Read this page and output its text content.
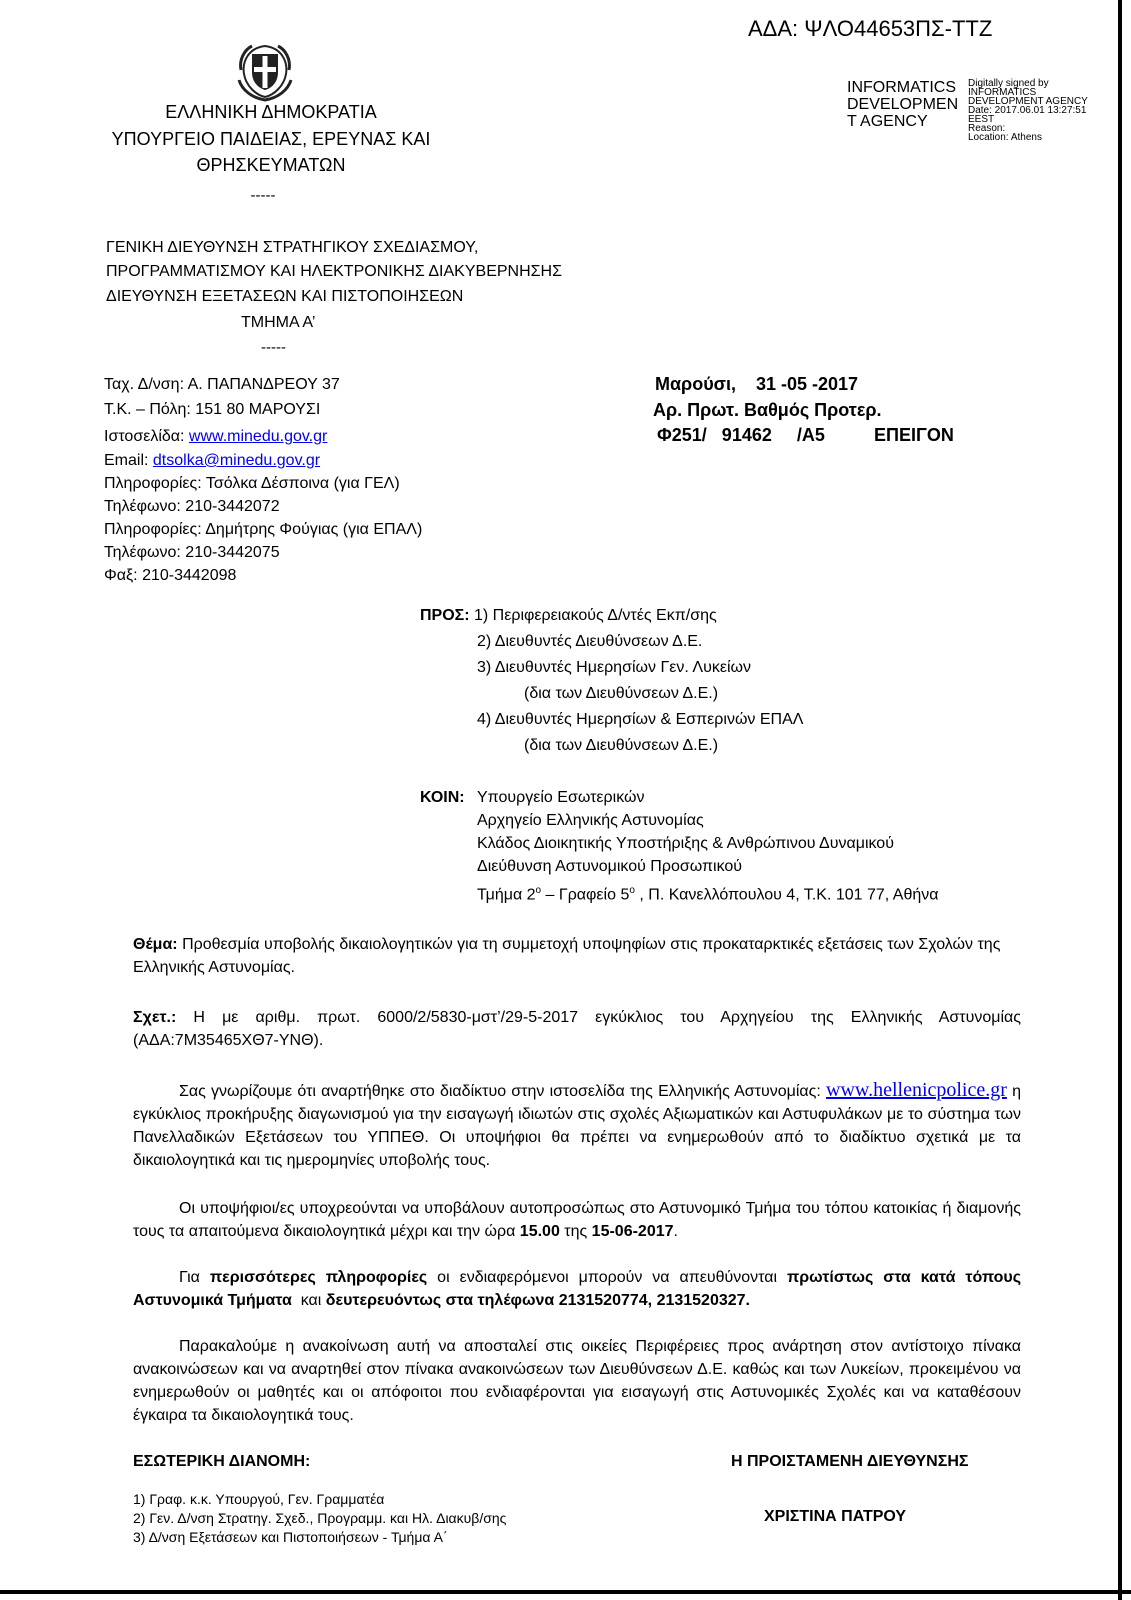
ΑΔΑ: ΨΛΟ44653ΠΣ-ΤΤΖ
ΕΛΛΗΝΙΚΗ ΔΗΜΟΚΡΑΤΙΑ
ΥΠΟΥΡΓΕΙΟ ΠΑΙΔΕΙΑΣ, ΕΡΕΥΝΑΣ ΚΑΙ
ΘΡΗΣΚΕΥΜΑΤΩΝ
-----
ΓΕΝΙΚΗ ΔΙΕΥΘΥΝΣΗ ΣΤΡΑΤΗΓΙΚΟΥ ΣΧΕΔΙΑΣΜΟΥ,
ΠΡΟΓΡΑΜΜΑΤΙΣΜΟΥ ΚΑΙ ΗΛΕΚΤΡΟΝΙΚΗΣ ΔΙΑΚΥΒΕΡΝΗΣΗΣ
ΔΙΕΥΘΥΝΣΗ ΕΞΕΤΑΣΕΩΝ ΚΑΙ ΠΙΣΤΟΠΟΙΗΣΕΩΝ
ΤΜΗΜΑ Α’
-----
INFORMATICS
DEVELOPMEN
T AGENCY
Digitally signed by
INFORMATICS
DEVELOPMENT AGENCY
Date: 2017.06.01 13:27:51
EEST
Reason:
Location: Athens
Ταχ. Δ/νση: Α. ΠΑΠΑΝΔΡΕΟΥ 37
Τ.Κ. – Πόλη: 151 80 ΜΑΡΟΥΣΙ
Ιστοσελίδα: www.minedu.gov.gr
Email: dtsolka@minedu.gov.gr
Πληροφορίες: Τσόλκα Δέσποινα (για ΓΕΛ)
Τηλέφωνο: 210-3442072
Πληροφορίες: Δημήτρης Φούγιας (για ΕΠΑΛ)
Τηλέφωνο: 210-3442075
Φαξ: 210-3442098
Μαρούσι,    31 -05 -2017
Αρ. Πρωτ. Βαθμός Προτερ.
Φ251/   91462     /Α5	ΕΠΕΙΓΟΝ
ΠΡΟΣ: 1) Περιφερειακούς Δ/ντές Εκπ/σης
2) Διευθυντές Διευθύνσεων Δ.Ε.
3) Διευθυντές Ημερησίων Γεν. Λυκείων
(δια των Διευθύνσεων Δ.Ε.)
4) Διευθυντές Ημερησίων & Εσπερινών ΕΠΑΛ
(δια των Διευθύνσεων Δ.Ε.)
ΚΟΙΝ: Υπουργείο Εσωτερικών
Αρχηγείο Ελληνικής Αστυνομίας
Κλάδος Διοικητικής Υποστήριξης & Ανθρώπινου Δυναμικού
Διεύθυνση Αστυνομικού Προσωπικού
Τμήμα $2^o$ – Γραφείο $5^o$ , Π. Κανελλόπουλου 4, Τ.Κ. 101 77, Αθήνα
Θέμα: Προθεσμία υποβολής δικαιολογητικών για τη συμμετοχή υποψηφίων στις προκαταρκτικές εξετάσεις των Σχολών της Ελληνικής Αστυνομίας.
Σχετ.: Η με αριθμ. πρωτ. 6000/2/5830-μστ’/29-5-2017 εγκύκλιος του Αρχηγείου της Ελληνικής Αστυνομίας (ΑΔΑ:7Μ35465ΧΘ7-ΥΝΘ).
Σας γνωρίζουμε ότι αναρτήθηκε στο διαδίκτυο στην ιστοσελίδα της Ελληνικής Αστυνομίας: www.hellenicpolice.gr η εγκύκλιος προκήρυξης διαγωνισμού για την εισαγωγή ιδιωτών στις σχολές Αξιωματικών και Αστυφυλάκων με το σύστημα των Πανελλαδικών Εξετάσεων του ΥΠΠΕΘ. Οι υποψήφιοι θα πρέπει να ενημερωθούν από το διαδίκτυο σχετικά με τα δικαιολογητικά και τις ημερομηνίες υποβολής τους.
Οι υποψήφιοι/ες υποχρεούνται να υποβάλουν αυτοπροσώπως στο Αστυνομικό Τμήμα του τόπου κατοικίας ή διαμονής τους τα απαιτούμενα δικαιολογητικά μέχρι και την ώρα 15.00 της 15-06-2017.
Για περισσότερες πληροφορίες οι ενδιαφερόμενοι μπορούν να απευθύνονται πρωτίστως στα κατά τόπους Αστυνομικά Τμήματα  και δευτερευόντως στα τηλέφωνα 2131520774, 2131520327.
Παρακαλούμε η ανακοίνωση αυτή να αποσταλεί στις οικείες Περιφέρειες προς ανάρτηση στον αντίστοιχο πίνακα ανακοινώσεων και να αναρτηθεί στον πίνακα ανακοινώσεων των Διευθύνσεων Δ.Ε. καθώς και των Λυκείων, προκειμένου να ενημερωθούν οι μαθητές και οι απόφοιτοι που ενδιαφέρονται για εισαγωγή στις Αστυνομικές Σχολές και να καταθέσουν έγκαιρα τα δικαιολογητικά τους.
ΕΣΩΤΕΡΙΚΗ ΔΙΑΝΟΜΗ:
1) Γραφ. κ.κ. Υπουργού, Γεν. Γραμματέα
2) Γεν. Δ/νση Στρατηγ. Σχεδ., Προγραμμ. και Ηλ. Διακυβ/σης
3) Δ/νση Εξετάσεων και Πιστοποιήσεων - Τμήμα Α΄
Η ΠΡΟΙΣΤΑΜΕΝΗ ΔΙΕΥΘΥΝΣΗΣ
ΧΡΙΣΤΙΝΑ ΠΑΤΡΟΥ
